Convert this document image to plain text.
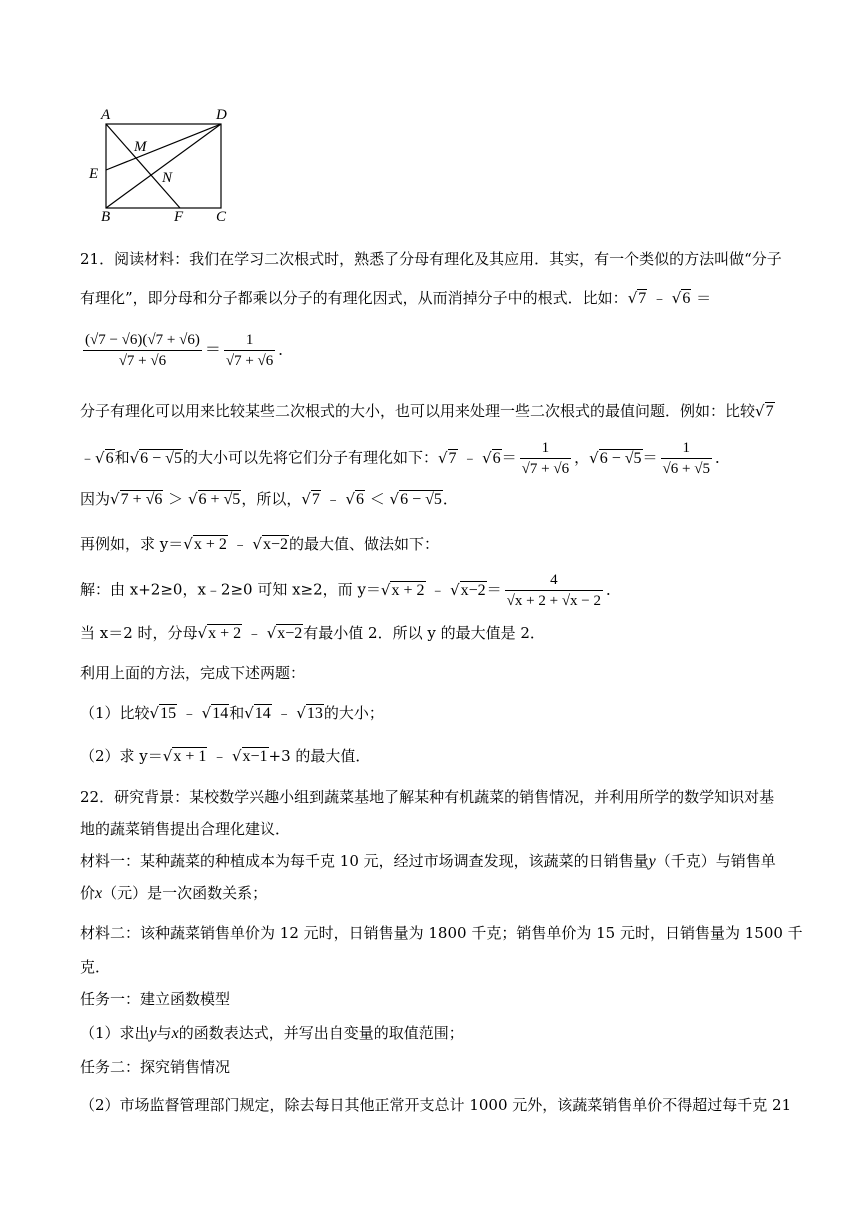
A	D
M
E	N
B	F C
21．阅读材料：我们在学习二次根式时，熟悉了分母有理化及其应用．其实，有一个类似的方法叫做“分子
有理化”，即分母和分子都乘以分子的有理化因式，从而消掉分子中的根式．比如：√7 ﹣ √6 ＝
$\frac{(√7 - √6)(√7 + √6)}{√7 + √6} = \frac{1}{√7 + √6}$ ．
分子有理化可以用来比较某些二次根式的大小，也可以用来处理一些二次根式的最值问题．例如：比较√7
﹣√6和√6 − √5的大小可以先将它们分子有理化如下：√7 ﹣ $√6= \frac{1}{√7 + √6}$ ，$√6 - √5= \frac{1}{√6 + √5}$ ．
因为√7 + √6 ＞ √6 + √5，所以，√7 ﹣ √6 ＜ √6 − √5．
再例如，求 y＝√x + 2 ﹣ √x−2的最大值、做法如下：
解：由 x+2≥0，x﹣2≥0 可知 x≥2，而 y＝√x + 2 ﹣ $√x-2= \frac{4}{√x + 2 + √x - 2}$ ．
当 x＝2 时，分母√x + 2 ﹣ √x−2有最小值 2．所以 y 的最大值是 2．
利用上面的方法，完成下述两题：
（1）比较√15 ﹣ √14和√14 ﹣ √13的大小；
（2）求 y＝√x + 1 ﹣ √x−1+3 的最大值．
22．研究背景：某校数学兴趣小组到蔬菜基地了解某种有机蔬菜的销售情况，并利用所学的数学知识对基
地的蔬菜销售提出合理化建议．
材料一：某种蔬菜的种植成本为每千克 10 元，经过市场调查发现，该蔬菜的日销售量y（千克）与销售单
价x（元）是一次函数关系；
材料二：该种蔬菜销售单价为 12 元时，日销售量为 1800 千克；销售单价为 15 元时，日销售量为 1500 千
克．
任务一：建立函数模型
（1）求出y与x的函数表达式，并写出自变量的取值范围；
任务二：探究销售情况
（2）市场监督管理部门规定，除去每日其他正常开支总计 1000 元外，该蔬菜销售单价不得超过每千克 21
